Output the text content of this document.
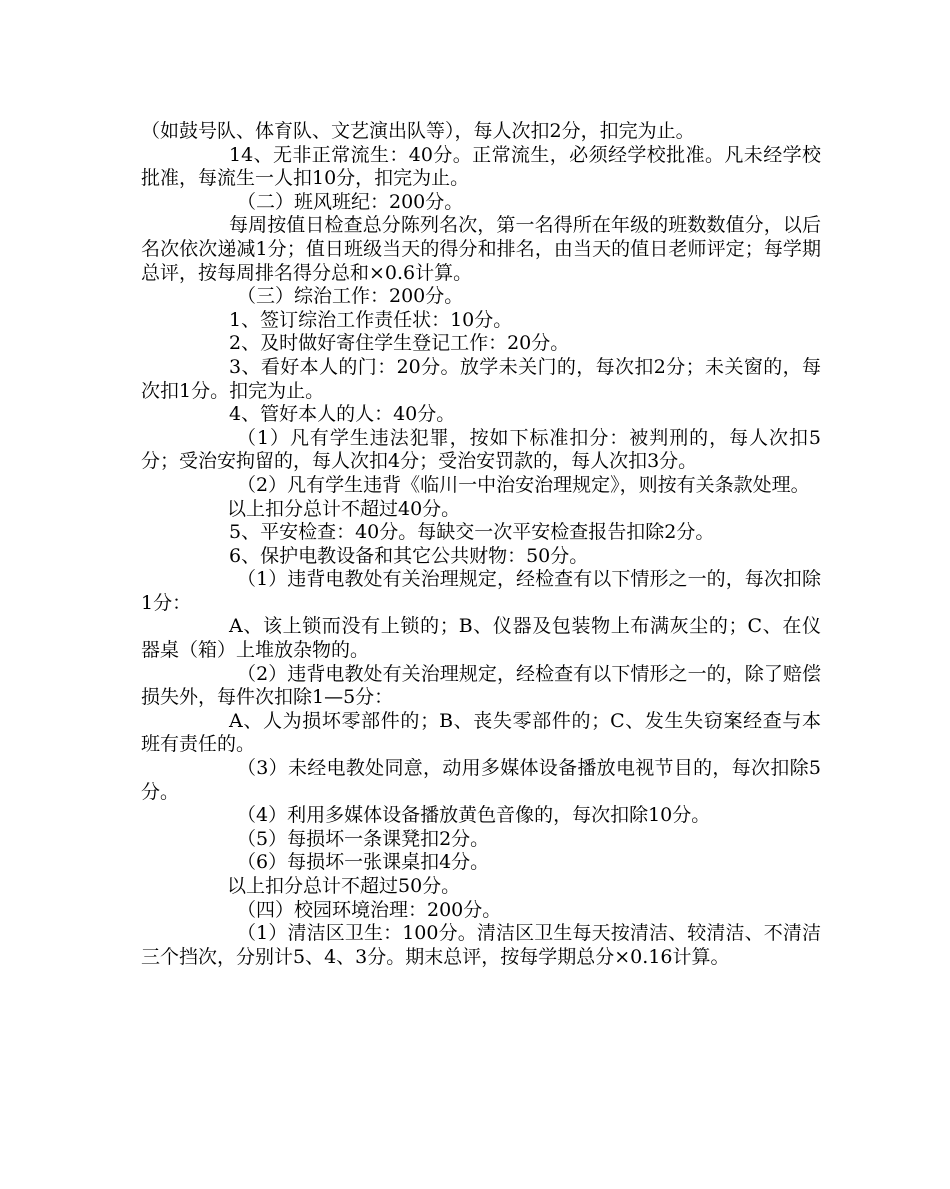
（如鼓号队、体育队、文艺演出队等），每人次扣2分，扣完为止。

14、无非正常流生：40分。正常流生，必须经学校批准。凡未经学校批准，每流生一人扣10分，扣完为止。

（二）班风班纪：200分。

每周按值日检查总分陈列名次，第一名得所在年级的班数数值分，以后名次依次递减1分；值日班级当天的得分和排名，由当天的值日老师评定；每学期总评，按每周排名得分总和×0.6计算。

（三）综治工作：200分。

1、签订综治工作责任状：10分。

2、及时做好寄住学生登记工作：20分。

3、看好本人的门：20分。放学未关门的，每次扣2分；未关窗的，每次扣1分。扣完为止。

4、管好本人的人：40分。

（1）凡有学生违法犯罪，按如下标准扣分：被判刑的，每人次扣5分；受治安拘留的，每人次扣4分；受治安罚款的，每人次扣3分。

（2）凡有学生违背《临川一中治安治理规定》，则按有关条款处理。

以上扣分总计不超过40分。

5、平安检查：40分。每缺交一次平安检查报告扣除2分。

6、保护电教设备和其它公共财物：50分。

（1）违背电教处有关治理规定，经检查有以下情形之一的，每次扣除1分：

A、该上锁而没有上锁的；B、仪器及包装物上布满灰尘的；C、在仪器桌（箱）上堆放杂物的。

（2）违背电教处有关治理规定，经检查有以下情形之一的，除了赔偿损失外，每件次扣除1—5分：

A、人为损坏零部件的；B、丧失零部件的；C、发生失窃案经查与本班有责任的。

（3）未经电教处同意，动用多媒体设备播放电视节目的，每次扣除5分。

（4）利用多媒体设备播放黄色音像的，每次扣除10分。

（5）每损坏一条课凳扣2分。

（6）每损坏一张课桌扣4分。

以上扣分总计不超过50分。

（四）校园环境治理：200分。

（1）清洁区卫生：100分。清洁区卫生每天按清洁、较清洁、不清洁三个挡次，分别计5、4、3分。期末总评，按每学期总分×0.16计算。
